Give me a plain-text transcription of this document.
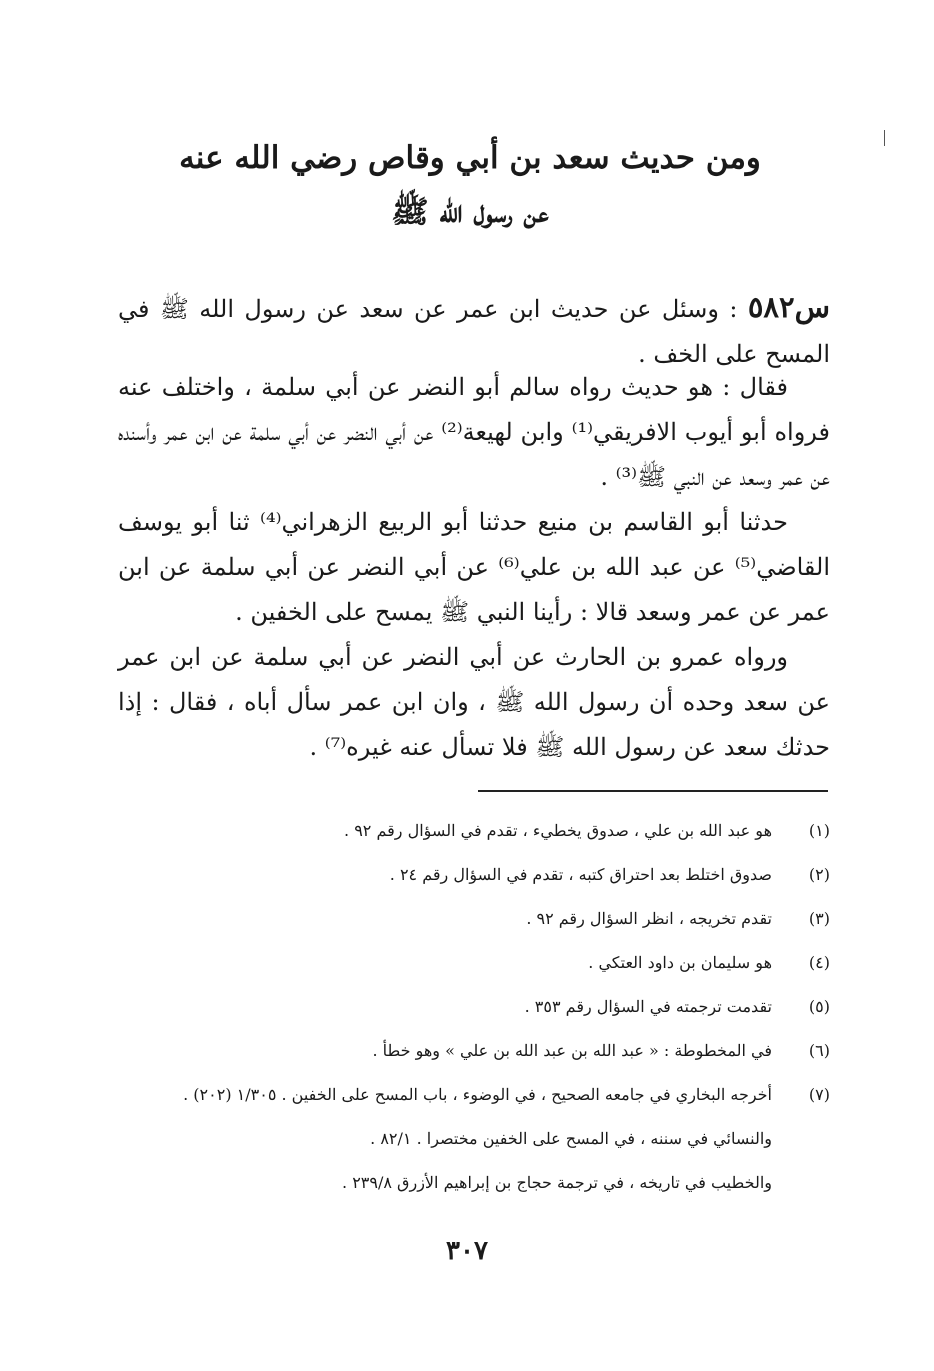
ومن حديث سعد بن أبي وقاص رضي الله عنه
عن رسول الله ﷺ
س٥٨٢ : وسئل عن حديث ابن عمر عن سعد عن رسول الله ﷺ في المسح على الخف .
فقال : هو حديث رواه سالم أبو النضر عن أبي سلمة ، واختلف عنه فرواه أبو أيوب الافريقي⁽¹⁾ وابن لهيعة⁽²⁾ عن أبي النضر عن أبي سلمة عن ابن عمر وأسنده عن عمر وسعد عن النبي ﷺ⁽³⁾ .
حدثنا أبو القاسم بن منيع حدثنا أبو الربيع الزهراني⁽⁴⁾ ثنا أبو يوسف القاضي⁽⁵⁾ عن عبد الله بن علي⁽⁶⁾ عن أبي النضر عن أبي سلمة عن ابن عمر عن عمر وسعد قالا : رأينا النبي ﷺ يمسح على الخفين .
ورواه عمرو بن الحارث عن أبي النضر عن أبي سلمة عن ابن عمر عن سعد وحده أن رسول الله ﷺ ، وان ابن عمر سأل أباه ، فقال : إذا حدثك سعد عن رسول الله ﷺ فلا تسأل عنه غيره⁽⁷⁾ .
(١)
هو عبد الله بن علي ، صدوق يخطيء ، تقدم في السؤال رقم ٩٢ .
(٢)
صدوق اختلط بعد احتراق كتبه ، تقدم في السؤال رقم ٢٤ .
(٣)
تقدم تخريجه ، انظر السؤال رقم ٩٢ .
(٤)
هو سليمان بن داود العتكي .
(٥)
تقدمت ترجمته في السؤال رقم ٣٥٣ .
(٦)
في المخطوطة : « عبد الله بن عبد الله بن علي » وهو خطأ .
(٧)
أخرجه البخاري في جامعه الصحيح ، في الوضوء ، باب المسح على الخفين . ١/٣٠٥ (٢٠٢) .
والنسائي في سننه ، في المسح على الخفين مختصرا . ٨٢/١ .
والخطيب في تاريخه ، في ترجمة حجاج بن إبراهيم الأزرق ٢٣٩/٨ .
٣٠٧
